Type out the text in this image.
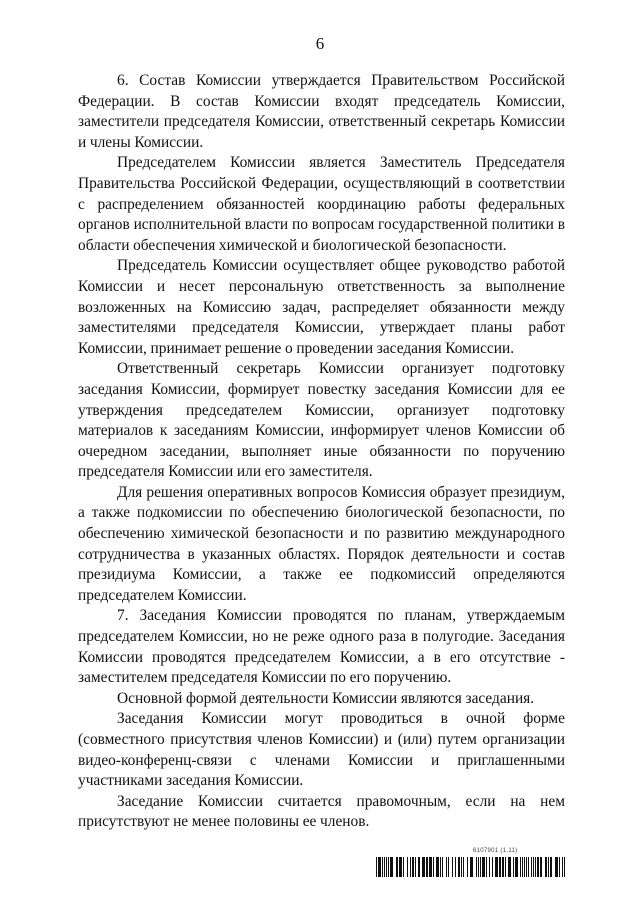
6

6. Состав Комиссии утверждается Правительством Российской Федерации. В состав Комиссии входят председатель Комиссии, заместители председателя Комиссии, ответственный секретарь Комиссии и члены Комиссии.

Председателем Комиссии является Заместитель Председателя Правительства Российской Федерации, осуществляющий в соответствии с распределением обязанностей координацию работы федеральных органов исполнительной власти по вопросам государственной политики в области обеспечения химической и биологической безопасности.

Председатель Комиссии осуществляет общее руководство работой Комиссии и несет персональную ответственность за выполнение возложенных на Комиссию задач, распределяет обязанности между заместителями председателя Комиссии, утверждает планы работ Комиссии, принимает решение о проведении заседания Комиссии.

Ответственный секретарь Комиссии организует подготовку заседания Комиссии, формирует повестку заседания Комиссии для ее утверждения председателем Комиссии, организует подготовку материалов к заседаниям Комиссии, информирует членов Комиссии об очередном заседании, выполняет иные обязанности по поручению председателя Комиссии или его заместителя.

Для решения оперативных вопросов Комиссия образует президиум, а также подкомиссии по обеспечению биологической безопасности, по обеспечению химической безопасности и по развитию международного сотрудничества в указанных областях. Порядок деятельности и состав президиума Комиссии, а также ее подкомиссий определяются председателем Комиссии.

7. Заседания Комиссии проводятся по планам, утверждаемым председателем Комиссии, но не реже одного раза в полугодие. Заседания Комиссии проводятся председателем Комиссии, а в его отсутствие - заместителем председателя Комиссии по его поручению.

Основной формой деятельности Комиссии являются заседания.

Заседания Комиссии могут проводиться в очной форме (совместного присутствия членов Комиссии) и (или) путем организации видео-конференц-связи с членами Комиссии и приглашенными участниками заседания Комиссии.

Заседание Комиссии считается правомочным, если на нем присутствуют не менее половины ее членов.

6107901 (1.11)
